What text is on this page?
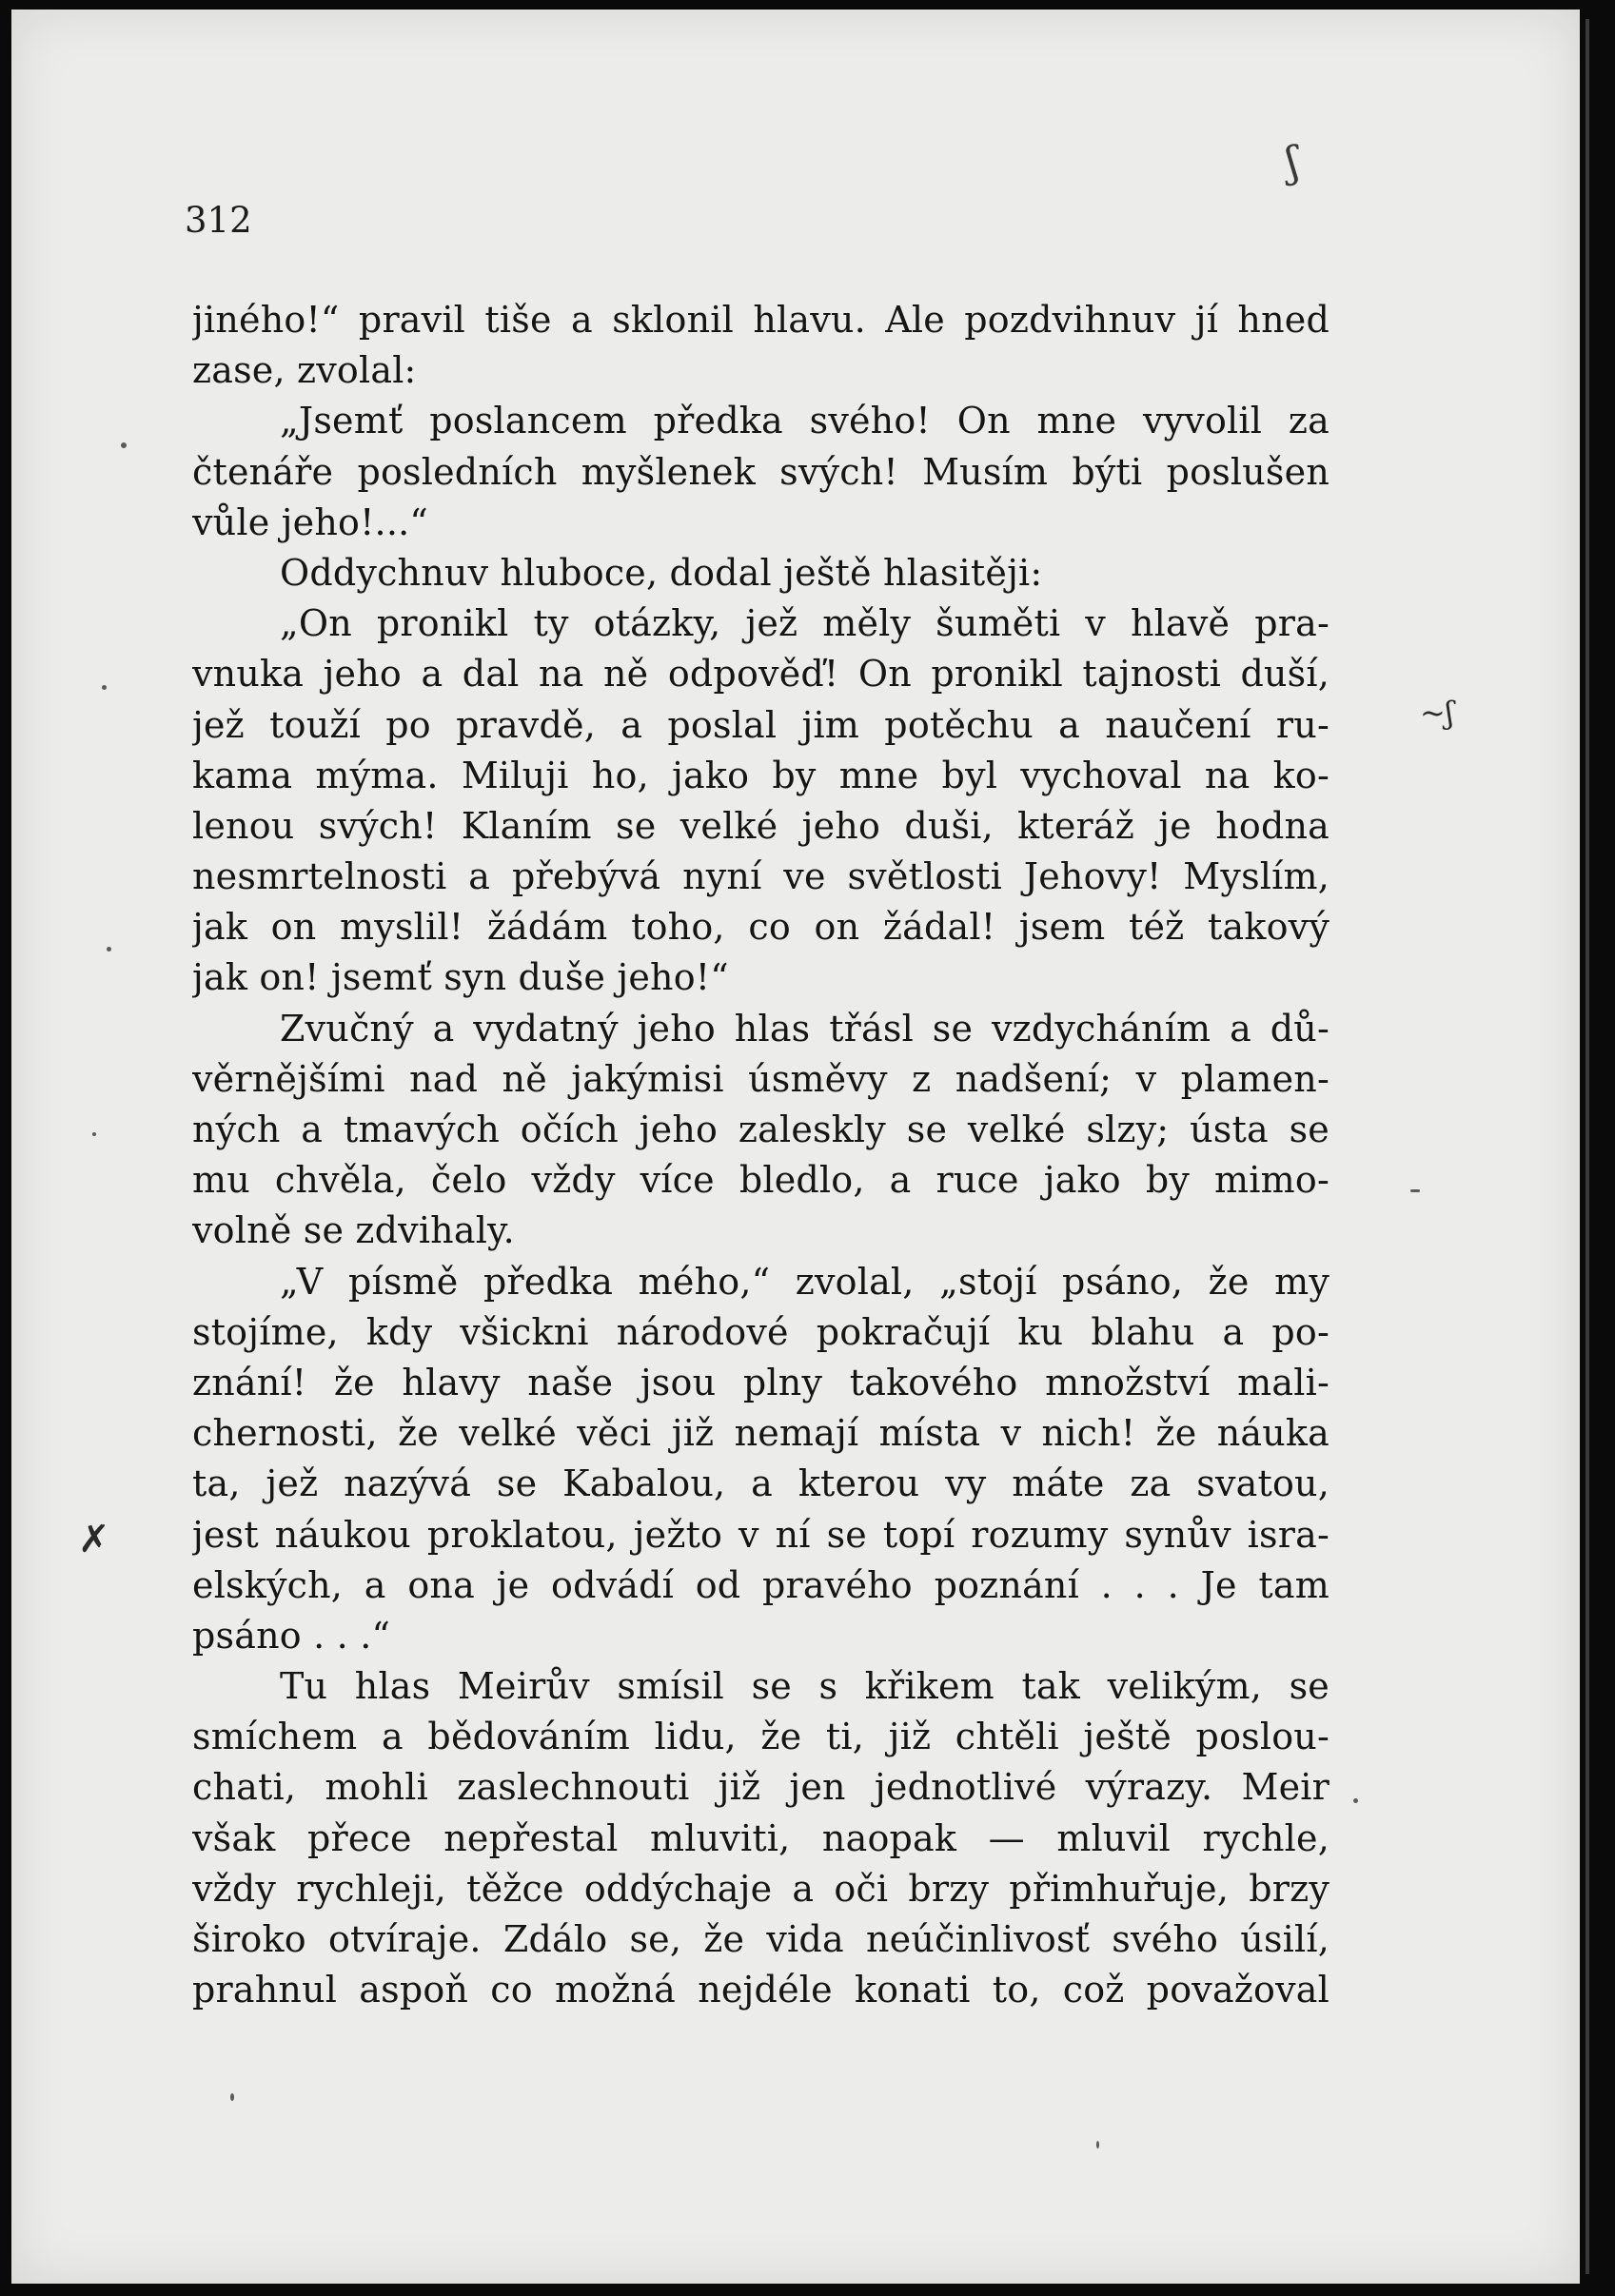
312

ʃ
jiného!“ pravil tiše a sklonil hlavu. Ale pozdvihnuv jí hned
zase, zvolal:
„Jsemť poslancem předka svého! On mne vyvolil za
čtenáře posledních myšlenek svých! Musím býti poslušen
vůle jeho!...“
Oddychnuv hluboce, dodal ještě hlasitěji:
„On pronikl ty otázky, jež měly šuměti v hlavě pra-
vnuka jeho a dal na ně odpověď! On pronikl tajnosti duší,
jež touží po pravdě, a poslal jim potěchu a naučení ru-
kama mýma. Miluji ho, jako by mne byl vychoval na ko-
lenou svých! Klaním se velké jeho duši, kteráž je hodna
nesmrtelnosti a přebývá nyní ve světlosti Jehovy! Myslím,
jak on myslil! žádám toho, co on žádal! jsem též takový
jak on! jsemť syn duše jeho!“
Zvučný a vydatný jeho hlas třásl se vzdycháním a dů-
věrnějšími nad ně jakýmisi úsměvy z nadšení; v plamen-
ných a tmavých očích jeho zaleskly se velké slzy; ústa se
mu chvěla, čelo vždy více bledlo, a ruce jako by mimo-
volně se zdvihaly.
„V písmě předka mého,“ zvolal, „stojí psáno, že my
stojíme, kdy všickni národové pokračují ku blahu a po-
znání! že hlavy naše jsou plny takového množství mali-
chernosti, že velké věci již nemají místa v nich! že náuka
ta, jež nazývá se Kabalou, a kterou vy máte za svatou,
jest náukou proklatou, ježto v ní se topí rozumy synův isra-
elských, a ona je odvádí od pravého poznání . . . Je tam
psáno . . .“
Tu hlas Meirův smísil se s křikem tak velikým, se
smíchem a bědováním lidu, že ti, již chtěli ještě poslou-
chati, mohli zaslechnouti již jen jednotlivé výrazy. Meir
však přece nepřestal mluviti, naopak — mluvil rychle,
vždy rychleji, těžce oddýchaje a oči brzy přimhuřuje, brzy
široko otvíraje. Zdálo se, že vida neúčinlivosť svého úsilí,
prahnul aspoň co možná nejdéle konati to, což považoval
✗
~ʃ
